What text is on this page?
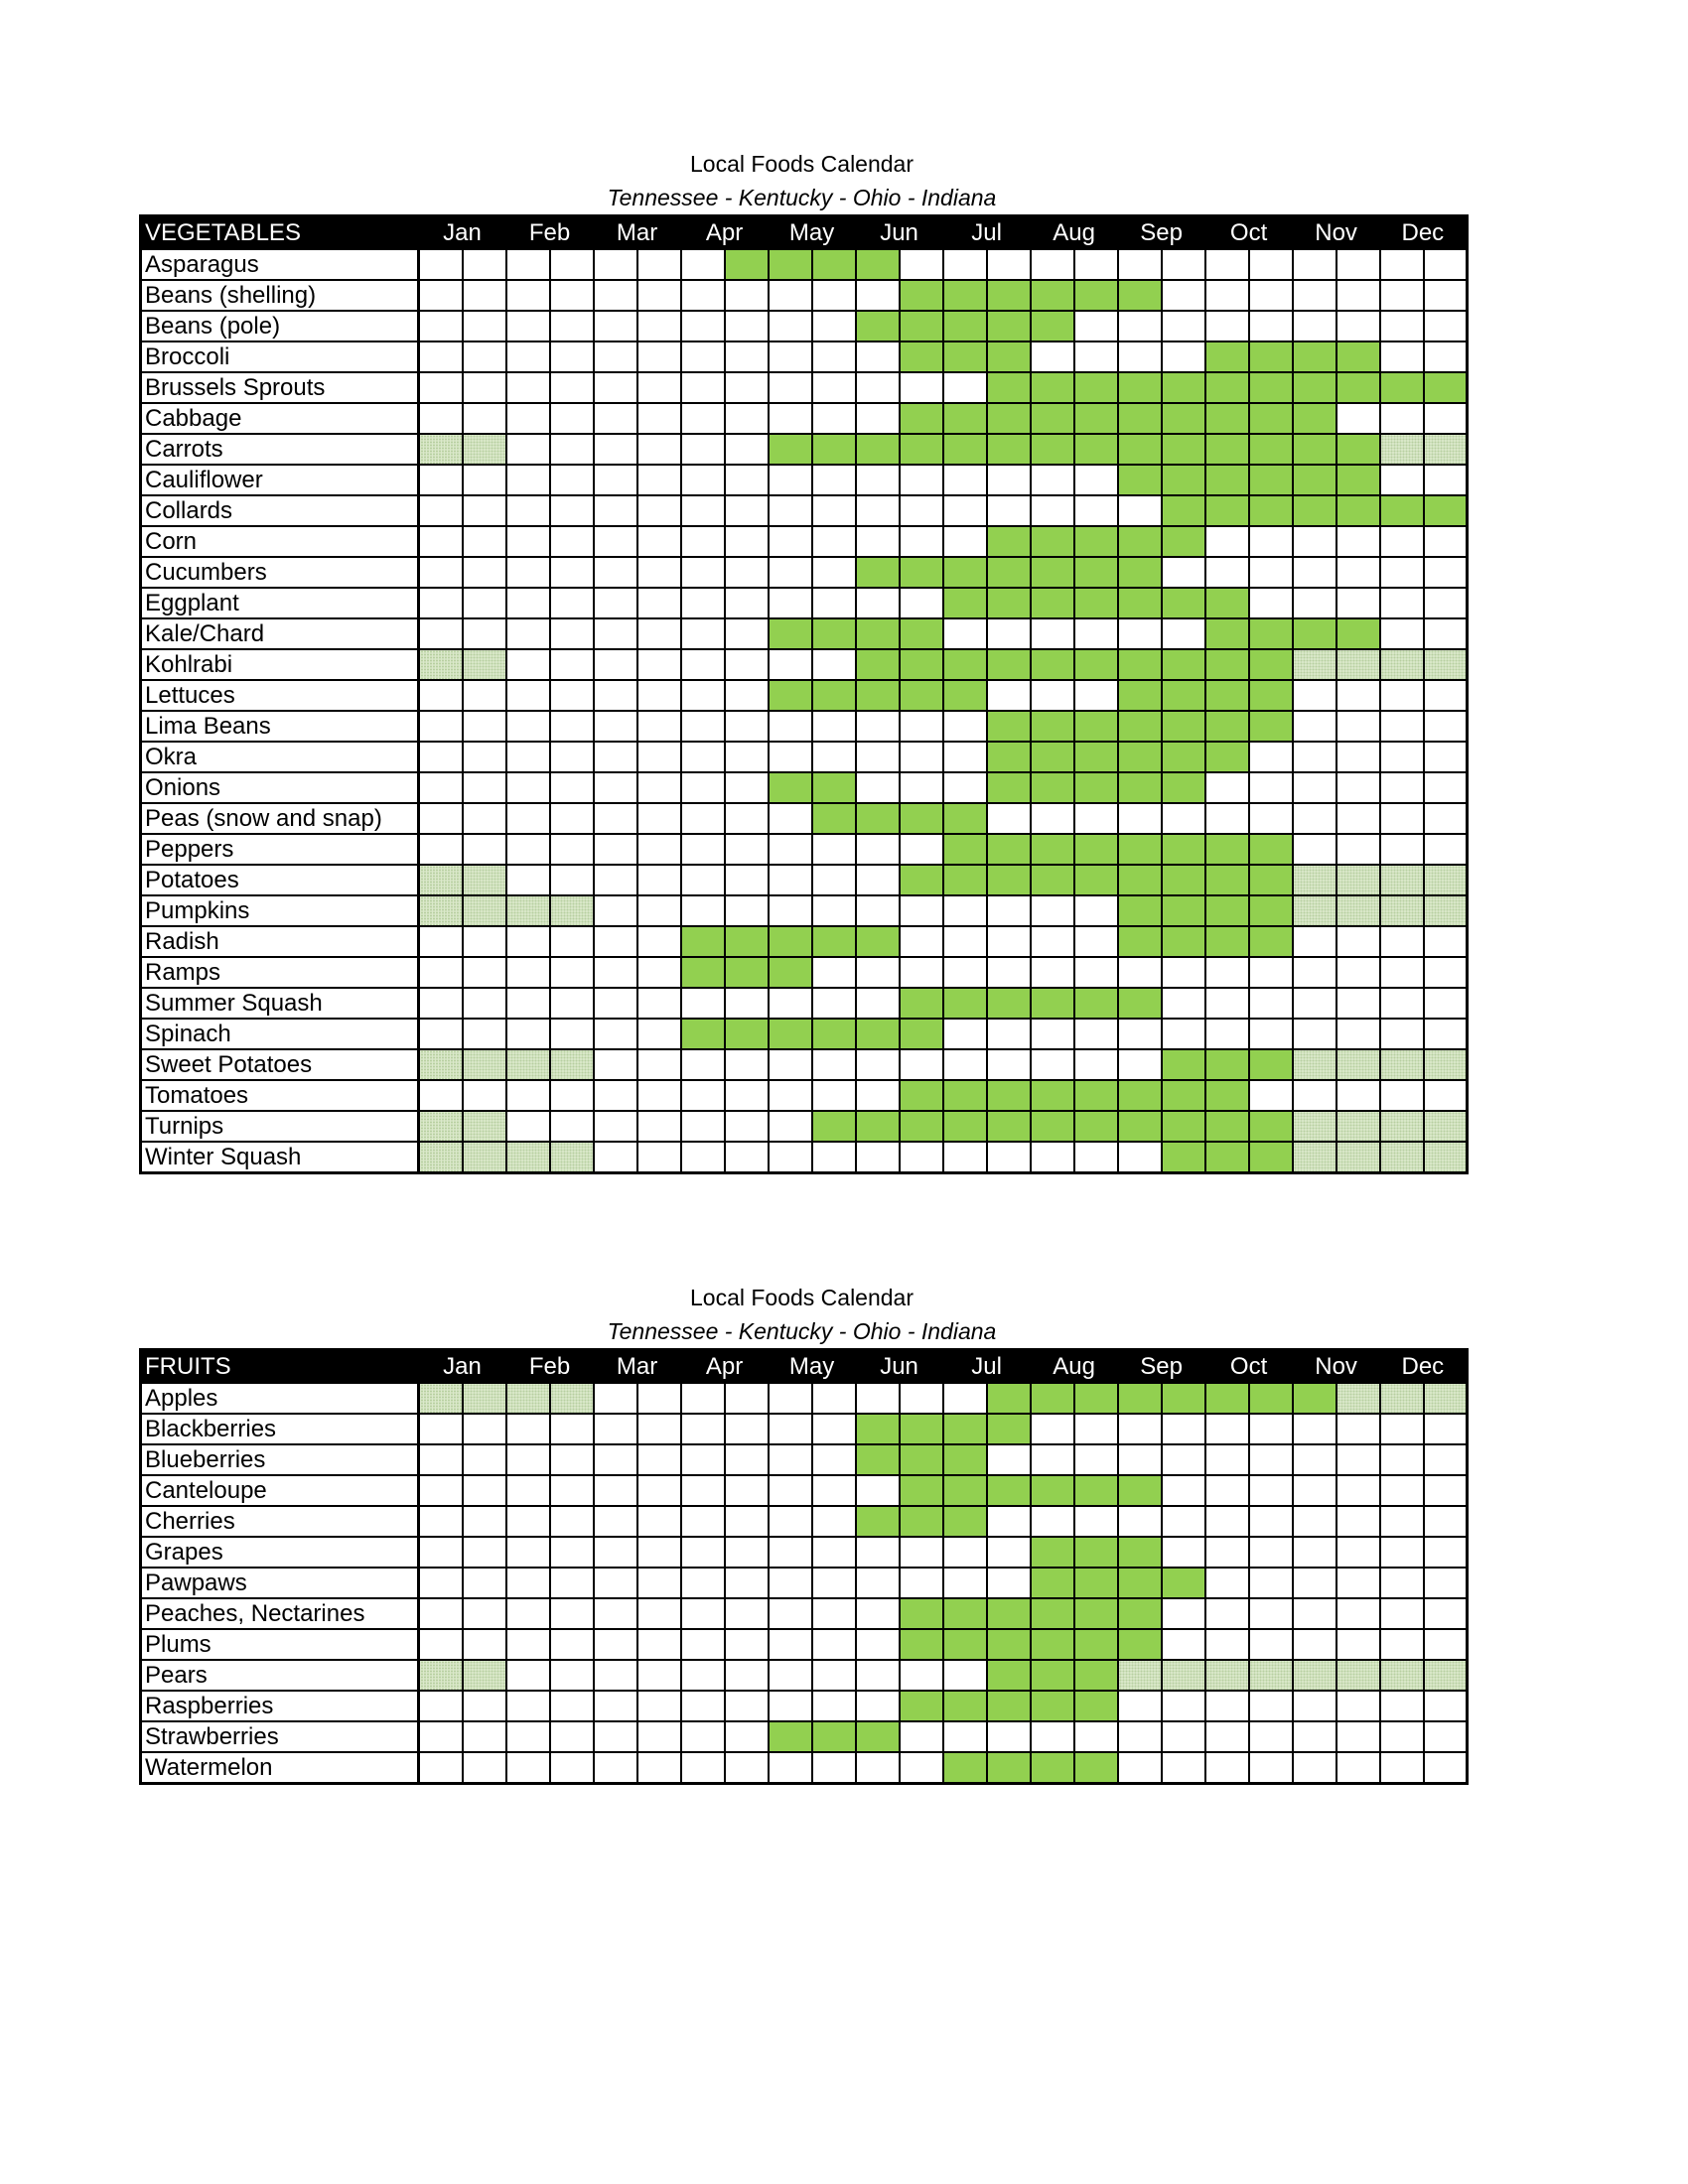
Local Foods Calendar
Tennessee - Kentucky - Ohio - Indiana
VEGETABLES	Jan		Feb		Mar		Apr		May		Jun		Jul		Aug		Sep		Oct		Nov		Dec	
Asparagus																								
Beans (shelling)																								
Beans (pole)																								
Broccoli																								
Brussels Sprouts																								
Cabbage																								
Carrots																								
Cauliflower																								
Collards																								
Corn																								
Cucumbers																								
Eggplant																								
Kale/Chard																								
Kohlrabi																								
Lettuces																								
Lima Beans																								
Okra																								
Onions																								
Peas (snow and snap)																								
Peppers																								
Potatoes																								
Pumpkins																								
Radish																								
Ramps																								
Summer Squash																								
Spinach																								
Sweet Potatoes																								
Tomatoes																								
Turnips																								
Winter Squash																								
Local Foods Calendar
Tennessee - Kentucky - Ohio - Indiana
FRUITS	Jan		Feb		Mar		Apr		May		Jun		Jul		Aug		Sep		Oct		Nov		Dec	
Apples																								
Blackberries																								
Blueberries																								
Canteloupe																								
Cherries																								
Grapes																								
Pawpaws																								
Peaches, Nectarines																								
Plums																								
Pears																								
Raspberries																								
Strawberries																								
Watermelon																								
